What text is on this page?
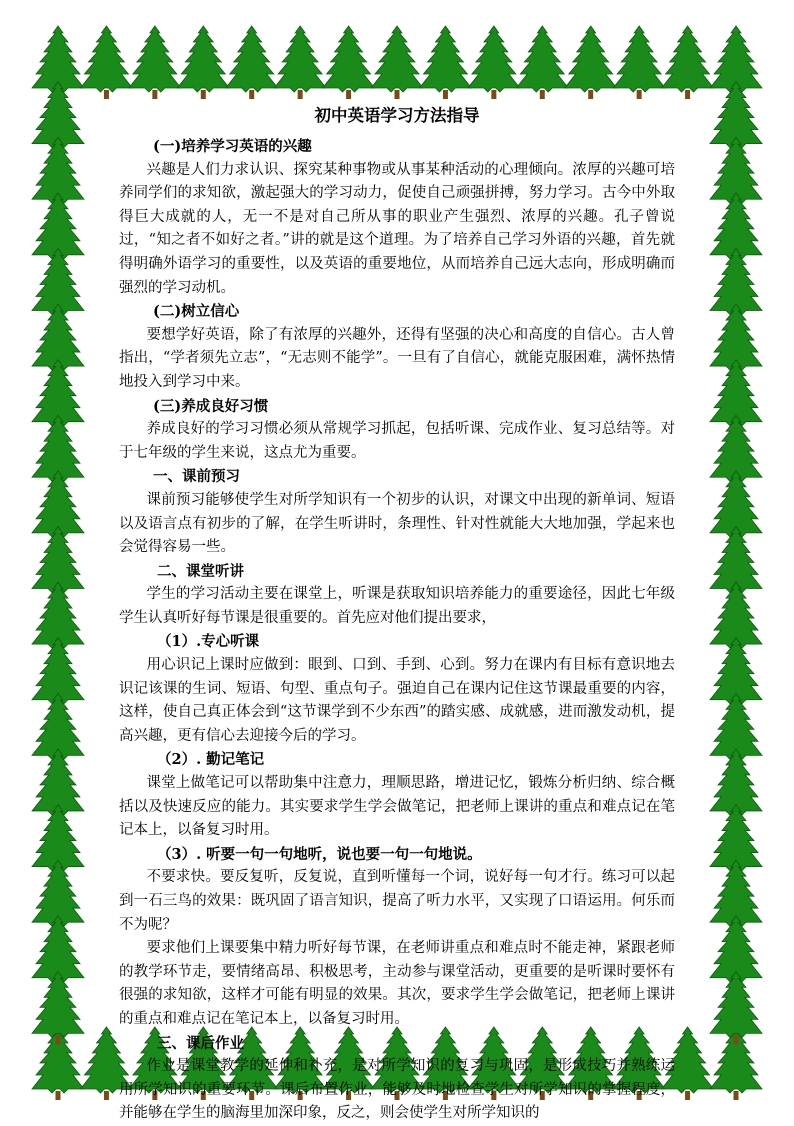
初中英语学习方法指导

(一)培养学习英语的兴趣

兴趣是人们力求认识、探究某种事物或从事某种活动的心理倾向。浓厚的兴趣可培养同学们的求知欲，激起强大的学习动力，促使自己顽强拼搏，努力学习。古今中外取得巨大成就的人，无一不是对自己所从事的职业产生强烈、浓厚的兴趣。孔子曾说过，“知之者不如好之者。”讲的就是这个道理。为了培养自己学习外语的兴趣，首先就得明确外语学习的重要性，以及英语的重要地位，从而培养自己远大志向，形成明确而强烈的学习动机。

(二)树立信心

要想学好英语，除了有浓厚的兴趣外，还得有坚强的决心和高度的自信心。古人曾指出，“学者须先立志”，“无志则不能学”。一旦有了自信心，就能克服困难，满怀热情地投入到学习中来。

(三)养成良好习惯

养成良好的学习习惯必须从常规学习抓起，包括听课、完成作业、复习总结等。对于七年级的学生来说，这点尤为重要。

一、课前预习

课前预习能够使学生对所学知识有一个初步的认识，对课文中出现的新单词、短语以及语言点有初步的了解，在学生听讲时，条理性、针对性就能大大地加强，学起来也会觉得容易一些。

二、课堂听讲

学生的学习活动主要在课堂上，听课是获取知识培养能力的重要途径，因此七年级学生认真听好每节课是很重要的。首先应对他们提出要求，

（1）.专心听课

用心识记上课时应做到：眼到、口到、手到、心到。努力在课内有目标有意识地去识记该课的生词、短语、句型、重点句子。强迫自己在课内记住这节课最重要的内容，这样，使自己真正体会到“这节课学到不少东西”的踏实感、成就感，进而激发动机，提高兴趣，更有信心去迎接今后的学习。

（2）. 勤记笔记

课堂上做笔记可以帮助集中注意力，理顺思路，增进记忆，锻炼分析归纳、综合概括以及快速反应的能力。其实要求学生学会做笔记，把老师上课讲的重点和难点记在笔记本上，以备复习时用。

（3）. 听要一句一句地听，说也要一句一句地说。

不要求快。要反复听，反复说，直到听懂每一个词，说好每一句才行。练习可以起到一石三鸟的效果：既巩固了语言知识，提高了听力水平，又实现了口语运用。何乐而不为呢？

要求他们上课要集中精力听好每节课，在老师讲重点和难点时不能走神，紧跟老师的教学环节走，要情绪高昂、积极思考，主动参与课堂活动，更重要的是听课时要怀有很强的求知欲，这样才可能有明显的效果。其次，要求学生学会做笔记，把老师上课讲的重点和难点记在笔记本上，以备复习时用。

三、课后作业

作业是课堂教学的延伸和补充，是对所学知识的复习与巩固，是形成技巧并熟练运用所学知识的重要环节。课后布置作业，能够及时地检查学生对所学知识的掌握程度，并能够在学生的脑海里加深印象，反之，则会使学生对所学知识的
